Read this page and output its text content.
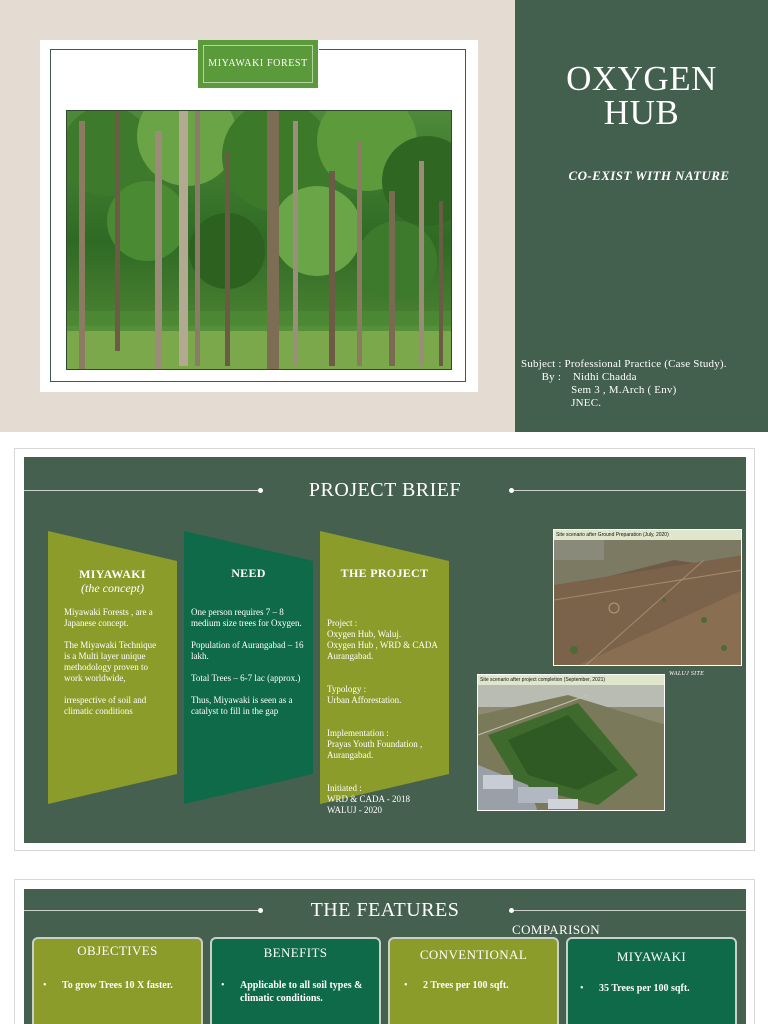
MIYAWAKI FOREST	OXYGEN
HUB
CO-EXIST WITH NATURE
Subject : Professional Practice (Case Study).
By :    Nidhi Chadda
Sem 3 , M.Arch ( Env)
JNEC.
PROJECT BRIEF
MIYAWAKI
(the concept)

Miyawaki Forests , are a Japanese concept.

The Miyawaki Technique is a Multi layer unique methodology proven to work worldwide,

irrespective of soil and climatic conditions

NEED

One person requires 7 – 8 medium size trees for Oxygen.

Population of Aurangabad – 16 lakh.

Total Trees – 6-7 lac (approx.)

Thus, Miyawaki is seen as a catalyst to fill in the gap

THE PROJECT

Project :
Oxygen Hub, Waluj.
Oxygen Hub , WRD & CADA
Aurangabad.

Typology :
Urban Afforestation.

Implementation :
Prayas Youth Foundation ,
Aurangabad.

Initiated :
WRD & CADA - 2018
WALUJ - 2020

Site scenario after Ground Preparation (July, 2020)
WALUJ SITE
Site scenario after project completion (September, 2021)
THE FEATURES
COMPARISON
OBJECTIVES
• To grow Trees 10 X faster.
BENEFITS
• Applicable to all soil types & climatic conditions.
CONVENTIONAL
• 2 Trees per 100 sqft.
MIYAWAKI
• 35 Trees per 100 sqft.
